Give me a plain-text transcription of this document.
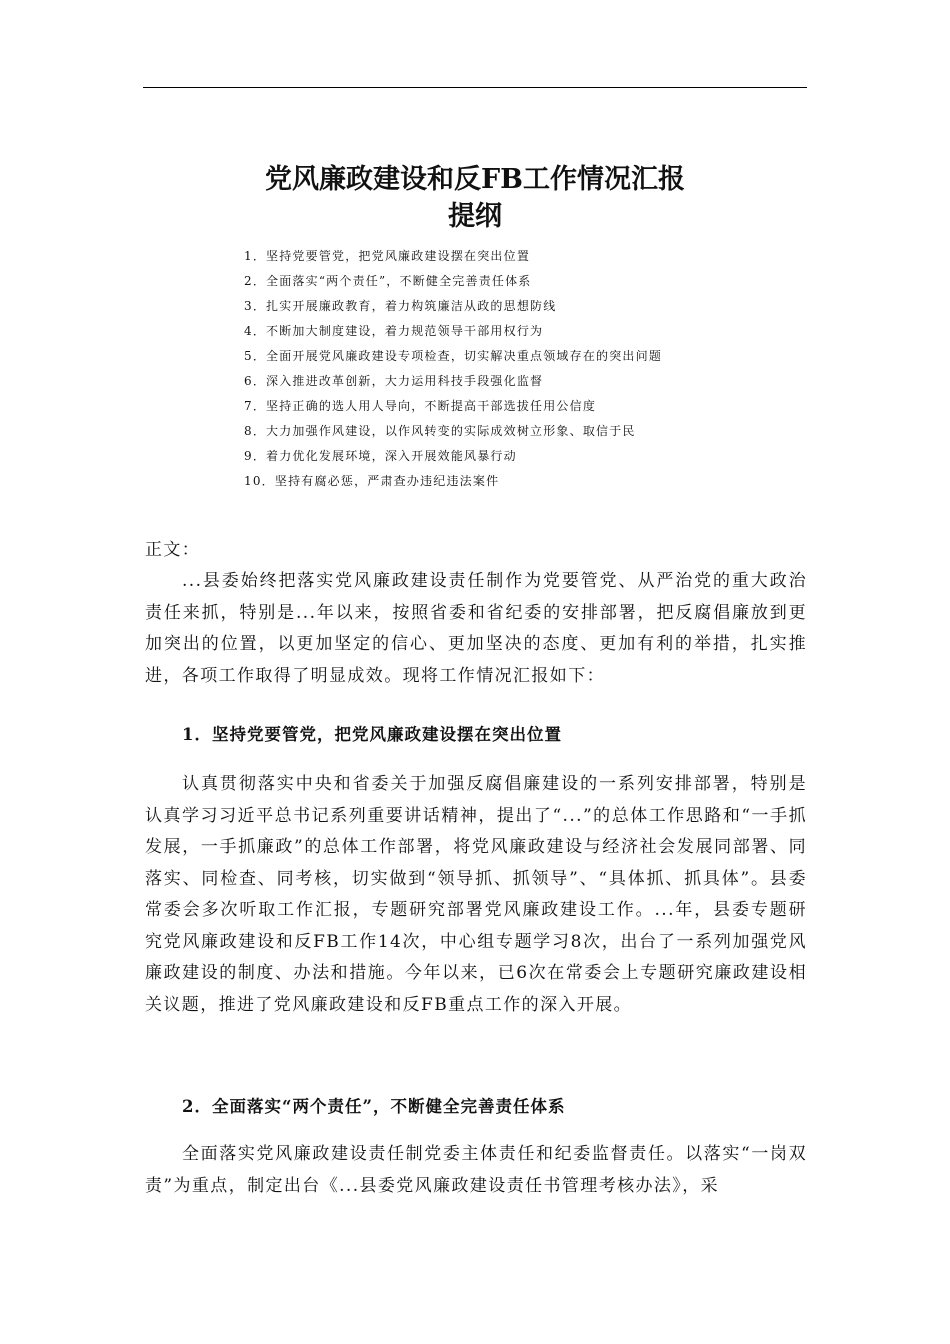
党风廉政建设和反FB工作情况汇报
提纲
1．坚持党要管党，把党风廉政建设摆在突出位置
2．全面落实“两个责任”，不断健全完善责任体系
3．扎实开展廉政教育，着力构筑廉洁从政的思想防线
4．不断加大制度建设，着力规范领导干部用权行为
5．全面开展党风廉政建设专项检查，切实解决重点领域存在的突出问题
6．深入推进改革创新，大力运用科技手段强化监督
7．坚持正确的选人用人导向，不断提高干部选拔任用公信度
8．大力加强作风建设，以作风转变的实际成效树立形象、取信于民
9．着力优化发展环境，深入开展效能风暴行动
10．坚持有腐必惩，严肃查办违纪违法案件

正文：

...县委始终把落实党风廉政建设责任制作为党要管党、从严治党的重大政治责任来抓，特别是...年以来，按照省委和省纪委的安排部署，把反腐倡廉放到更加突出的位置，以更加坚定的信心、更加坚决的态度、更加有利的举措，扎实推进，各项工作取得了明显成效。现将工作情况汇报如下：

1．坚持党要管党，把党风廉政建设摆在突出位置

认真贯彻落实中央和省委关于加强反腐倡廉建设的一系列安排部署，特别是认真学习习近平总书记系列重要讲话精神，提出了“...”的总体工作思路和“一手抓发展，一手抓廉政”的总体工作部署，将党风廉政建设与经济社会发展同部署、同落实、同检查、同考核，切实做到“领导抓、抓领导”、“具体抓、抓具体”。县委常委会多次听取工作汇报，专题研究部署党风廉政建设工作。...年，县委专题研究党风廉政建设和反FB工作14次，中心组专题学习8次，出台了一系列加强党风廉政建设的制度、办法和措施。今年以来，已6次在常委会上专题研究廉政建设相关议题，推进了党风廉政建设和反FB重点工作的深入开展。

2．全面落实“两个责任”，不断健全完善责任体系

全面落实党风廉政建设责任制党委主体责任和纪委监督责任。以落实“一岗双责”为重点，制定出台《...县委党风廉政建设责任书管理考核办法》，采
